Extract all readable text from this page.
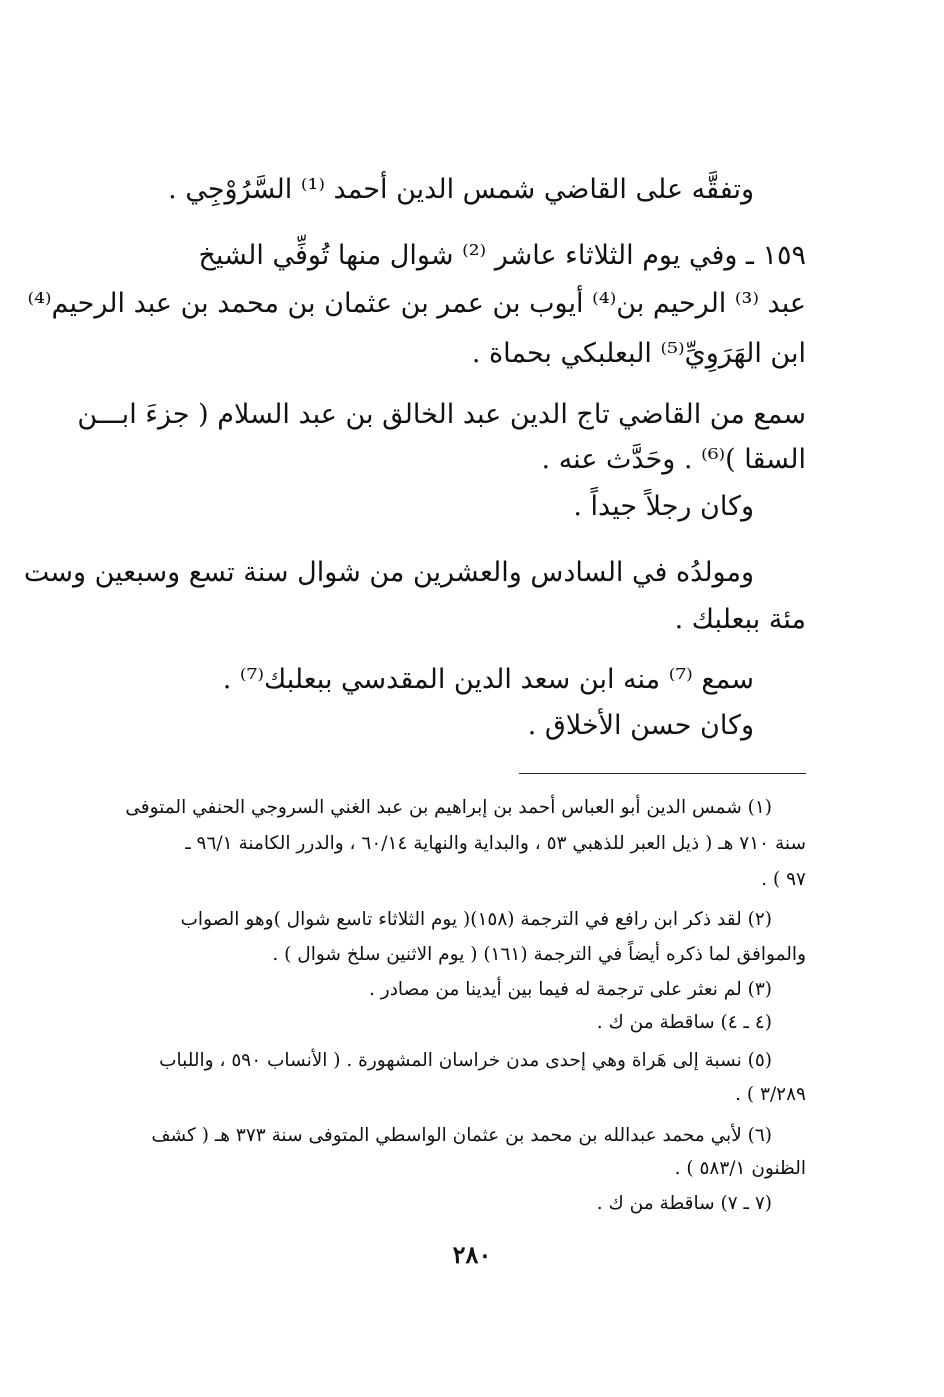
وتفقَّه على القاضي شمس الدين أحمد ⁽¹⁾ السَّرُوْجِي .
١٥٩ ـ وفي يوم الثلاثاء عاشر ⁽²⁾ شوال منها تُوفِّي الشيخ
عبد ⁽³⁾ الرحيم بن⁽⁴⁾ أيوب بن عمر بن عثمان بن محمد بن عبد الرحيم⁽⁴⁾
ابن الهَرَوِيِّ⁽⁵⁾ البعلبكي بحماة .
سمع من القاضي تاج الدين عبد الخالق بن عبد السلام ( جزءَ ابـــن
السقا )⁽⁶⁾ . وحَدَّث عنه .
وكان رجلاً جيداً .
ومولدُه في السادس والعشرين من شوال سنة تسع وسبعين وست
مئة ببعلبك .
سمع ⁽⁷⁾ منه ابن سعد الدين المقدسي ببعلبك⁽⁷⁾ .
وكان حسن الأخلاق .
(١) شمس الدين أبو العباس أحمد بن إبراهيم بن عبد الغني السروجي الحنفي المتوفى
سنة ٧١٠ هـ ( ذيل العبر للذهبي ٥٣ ، والبداية والنهاية ٦٠/١٤ ، والدرر الكامنة ٩٦/١ ـ
٩٧ ) .
(٢) لقد ذكر ابن رافع في الترجمة (١٥٨)( يوم الثلاثاء تاسع شوال )وهو الصواب
والموافق لما ذكره أيضاً في الترجمة (١٦١) ( يوم الاثنين سلخ شوال ) .
(٣) لم نعثر على ترجمة له فيما بين أيدينا من مصادر .
(٤ ـ ٤) ساقطة من ك .
(٥) نسبة إلى هَراة وهي إحدى مدن خراسان المشهورة . ( الأنساب ٥٩٠ ، واللباب
٣/٢٨٩ ) .
(٦) لأبي محمد عبدالله بن محمد بن عثمان الواسطي المتوفى سنة ٣٧٣ هـ ( كشف
الظنون ٥٨٣/١ ) .
(٧ ـ ٧) ساقطة من ك .
٢٨٠
